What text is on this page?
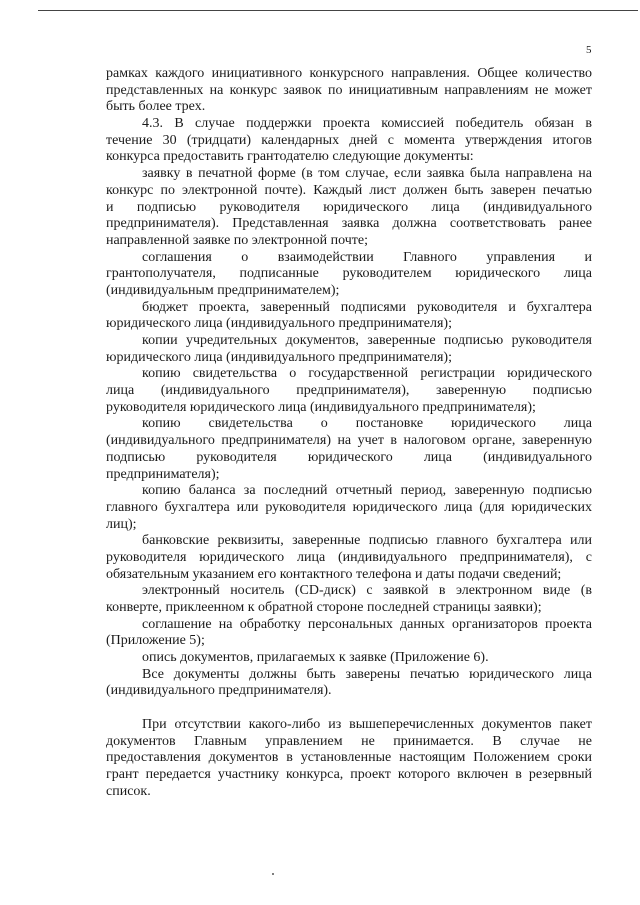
5
рамках каждого инициативного конкурсного направления. Общее количество
представленных на конкурс заявок по инициативным направлениям не может
быть более трех.
4.3. В случае поддержки проекта комиссией победитель обязан в
течение 30 (тридцати) календарных дней с момента утверждения итогов
конкурса предоставить грантодателю следующие документы:
заявку в печатной форме (в том случае, если заявка была направлена на
конкурс по электронной почте). Каждый лист должен быть заверен печатью
и подписью руководителя юридического лица (индивидуального
предпринимателя). Представленная заявка должна соответствовать ранее
направленной заявке по электронной почте;
соглашения о взаимодействии Главного управления и
грантополучателя, подписанные руководителем юридического лица
(индивидуальным предпринимателем);
бюджет проекта, заверенный подписями руководителя и бухгалтера
юридического лица (индивидуального предпринимателя);
копии учредительных документов, заверенные подписью руководителя
юридического лица (индивидуального предпринимателя);
копию свидетельства о государственной регистрации юридического
лица (индивидуального предпринимателя), заверенную подписью
руководителя юридического лица (индивидуального предпринимателя);
копию свидетельства о постановке юридического лица
(индивидуального предпринимателя) на учет в налоговом органе, заверенную
подписью руководителя юридического лица (индивидуального
предпринимателя);
копию баланса за последний отчетный период, заверенную подписью
главного бухгалтера или руководителя юридического лица (для юридических
лиц);
банковские реквизиты, заверенные подписью главного бухгалтера или
руководителя юридического лица (индивидуального предпринимателя), с
обязательным указанием его контактного телефона и даты подачи сведений;
электронный носитель (CD-диск) с заявкой в электронном виде (в
конверте, приклеенном к обратной стороне последней страницы заявки);
соглашение на обработку персональных данных организаторов проекта
(Приложение 5);
опись документов, прилагаемых к заявке (Приложение 6).
Все документы должны быть заверены печатью юридического лица
(индивидуального предпринимателя).
При отсутствии какого-либо из вышеперечисленных документов пакет
документов Главным управлением не принимается. В случае не
предоставления документов в установленные настоящим Положением сроки
грант передается участнику конкурса, проект которого включен в резервный
список.
